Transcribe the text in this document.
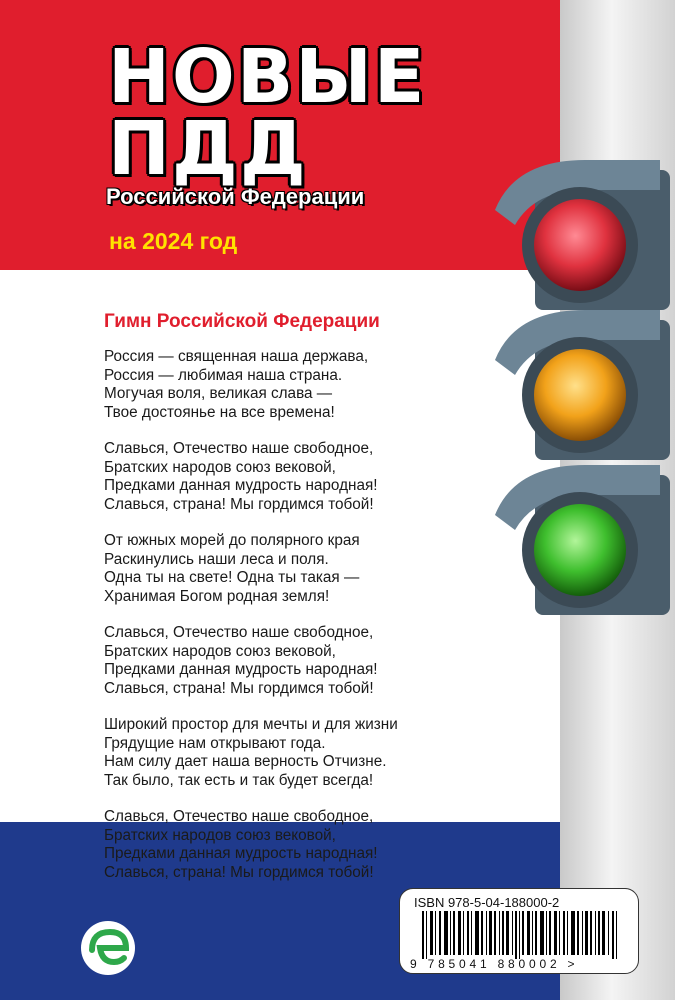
НОВЫЕ
ПДД
Российской Федерации
на 2024 год
Гимн Российской Федерации

Россия — священная наша держава,
Россия — любимая наша страна.
Могучая воля, великая слава —
Твое достоянье на все времена!

Славься, Отечество наше свободное,
Братских народов союз вековой,
Предками данная мудрость народная!
Славься, страна! Мы гордимся тобой!

От южных морей до полярного края
Раскинулись наши леса и поля.
Одна ты на свете! Одна ты такая —
Хранимая Богом родная земля!

Славься, Отечество наше свободное,
Братских народов союз вековой,
Предками данная мудрость народная!
Славься, страна! Мы гордимся тобой!

Широкий простор для мечты и для жизни
Грядущие нам открывают года.
Нам силу дает наша верность Отчизне.
Так было, так есть и так будет всегда!

Славься, Отечество наше свободное,
Братских народов союз вековой,
Предками данная мудрость народная!
Славься, страна! Мы гордимся тобой!

ISBN 978-5-04-188000-2
9 785041 880002 >
